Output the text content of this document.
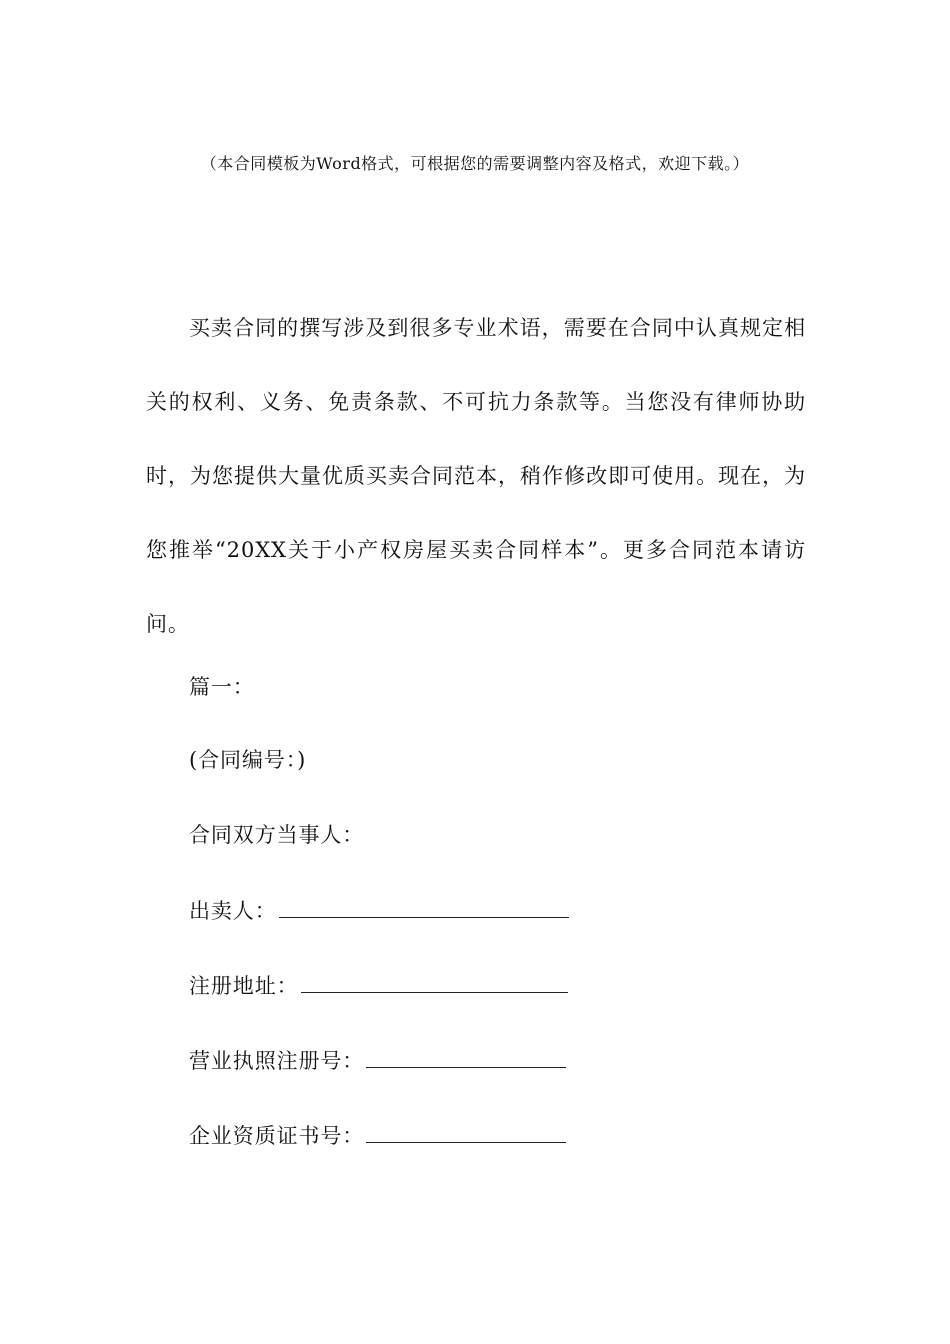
（本合同模板为Word格式，可根据您的需要调整内容及格式，欢迎下载。）

买卖合同的撰写涉及到很多专业术语，需要在合同中认真规定相关的权利、义务、免责条款、不可抗力条款等。当您没有律师协助时，为您提供大量优质买卖合同范本，稍作修改即可使用。现在，为您推举“20XX关于小产权房屋买卖合同样本”。更多合同范本请访问。

篇一：
(合同编号：)
合同双方当事人：
出卖人：
注册地址：
营业执照注册号：
企业资质证书号：
